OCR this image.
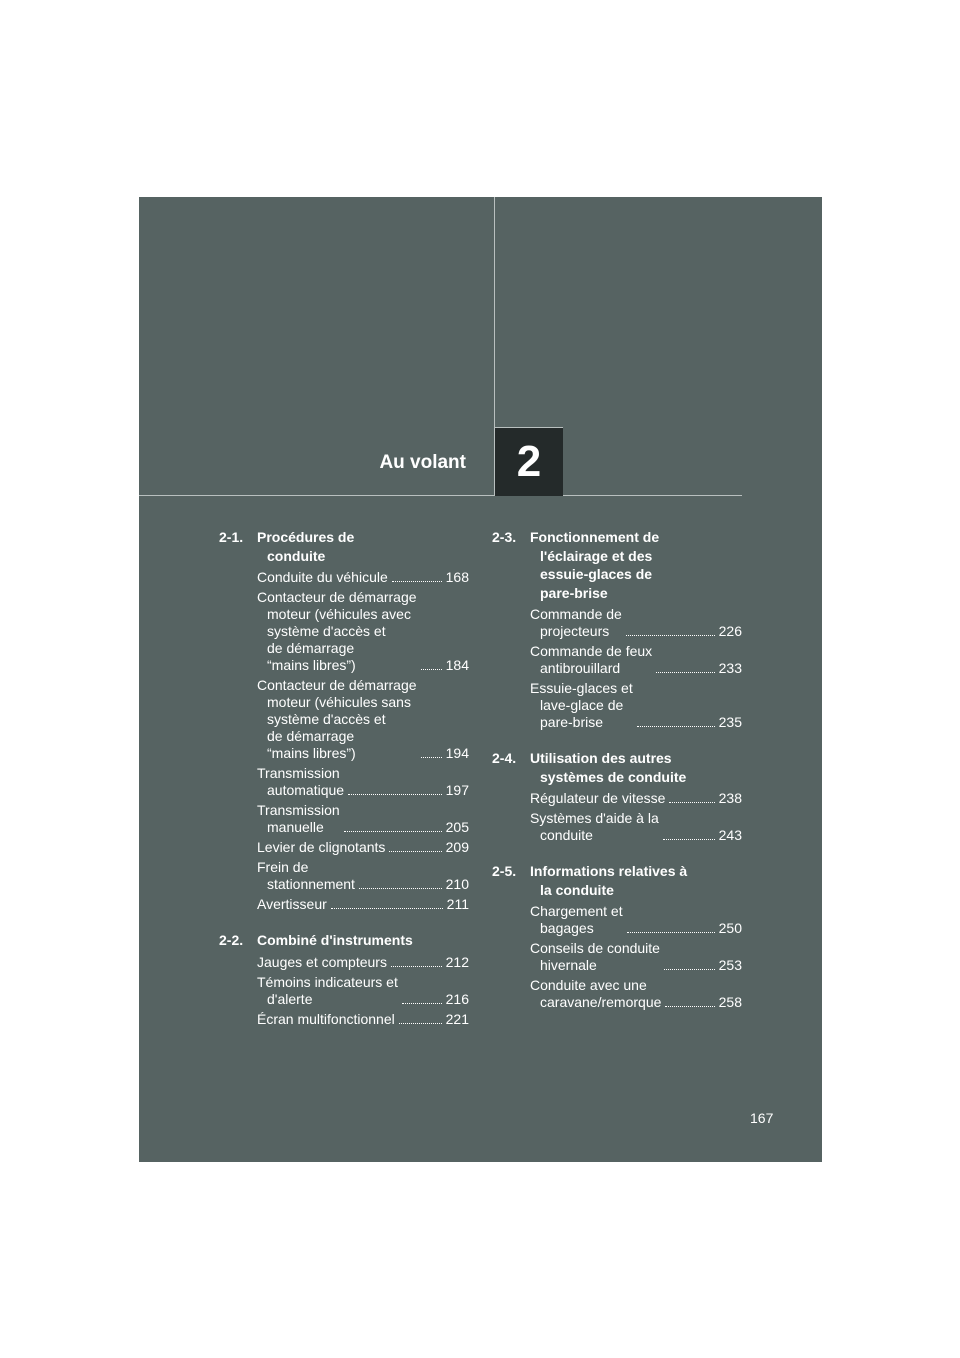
Au volant	2
2-1. Procédures de
conduite
Conduite du véhicule	168
Contacteur de démarrage
moteur (véhicules avec
système d'accès et
de démarrage
“mains libres”)	184
Contacteur de démarrage
moteur (véhicules sans
système d'accès et
de démarrage
“mains libres”)	194
Transmission
automatique	197
Transmission
manuelle	205
Levier de clignotants	209
Frein de
stationnement	210
Avertisseur	211
2-2. Combiné d'instruments
Jauges et compteurs	212
Témoins indicateurs et
d'alerte	216
Écran multifonctionnel	221
2-3. Fonctionnement de
l'éclairage et des
essuie-glaces de
pare-brise
Commande de
projecteurs	226
Commande de feux
antibrouillard	233
Essuie-glaces et
lave-glace de
pare-brise	235
2-4. Utilisation des autres
systèmes de conduite
Régulateur de vitesse	238
Systèmes d'aide à la
conduite	243
2-5. Informations relatives à
la conduite
Chargement et
bagages	250
Conseils de conduite
hivernale	253
Conduite avec une
caravane/remorque	258
167
